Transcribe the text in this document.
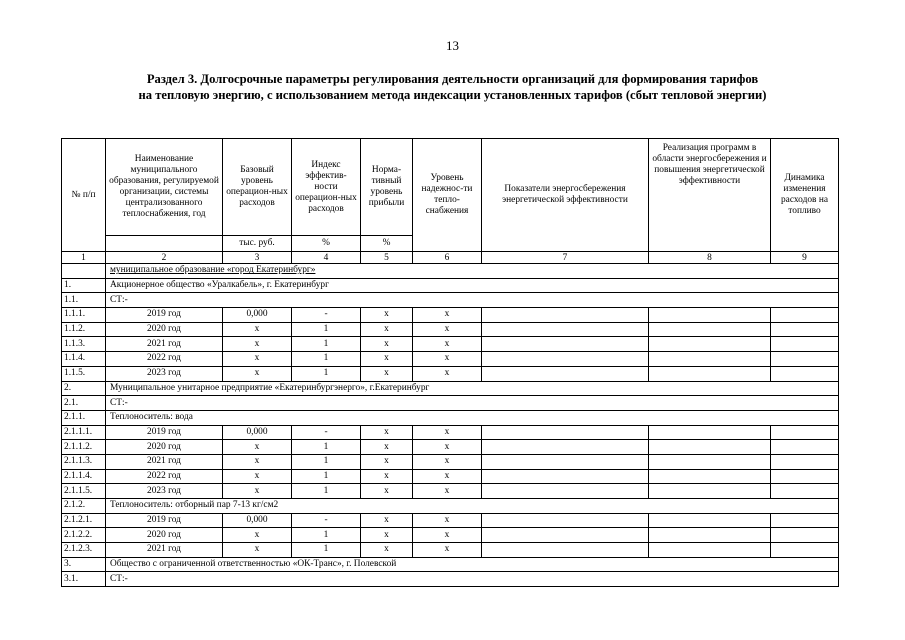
13
Раздел 3. Долгосрочные параметры регулирования деятельности организаций для формирования тарифов
на тепловую энергию, с использованием метода индексации установленных тарифов (сбыт тепловой энергии)
№ п/п	Наименование муниципального образования, регулируемой организации, системы централизованного теплоснабжения, год	Базовый уровень операцион-ных расходов	Индекс эффектив-ности операцион-ных расходов	Норма-тивный уровень прибыли	Уровень надежнос-ти тепло-снабжения	Показатели энергосбережения энергетической эффективности	Реализация программ в области энергосбережения и повышения энергетической эффективности	Динамика изменения расходов на топливо
		тыс. руб.	%	%				
1	2	3	4	5	6	7	8	9
	муниципальное образование «город Екатеринбург»							
1.	Акционерное общество «Уралкабель», г. Екатеринбург							
1.1.	СТ:-							
1.1.1.	2019 год	0,000	-	x	x			
1.1.2.	2020 год	x	1	x	x			
1.1.3.	2021 год	x	1	x	x			
1.1.4.	2022 год	x	1	x	x			
1.1.5.	2023 год	x	1	x	x			
2.	Муниципальное унитарное предприятие «Екатеринбургэнерго», г.Екатеринбург							
2.1.	СТ:-							
2.1.1.	Теплоноситель: вода							
2.1.1.1.	2019 год	0,000	-	x	x			
2.1.1.2.	2020 год	x	1	x	x			
2.1.1.3.	2021 год	x	1	x	x			
2.1.1.4.	2022 год	x	1	x	x			
2.1.1.5.	2023 год	x	1	x	x			
2.1.2.	Теплоноситель: отборный пар 7-13 кг/см2							
2.1.2.1.	2019 год	0,000	-	x	x			
2.1.2.2.	2020 год	x	1	x	x			
2.1.2.3.	2021 год	x	1	x	x			
3.	Общество с ограниченной ответственностью «ОК-Транс», г. Полевской							
3.1.	СТ:-							
